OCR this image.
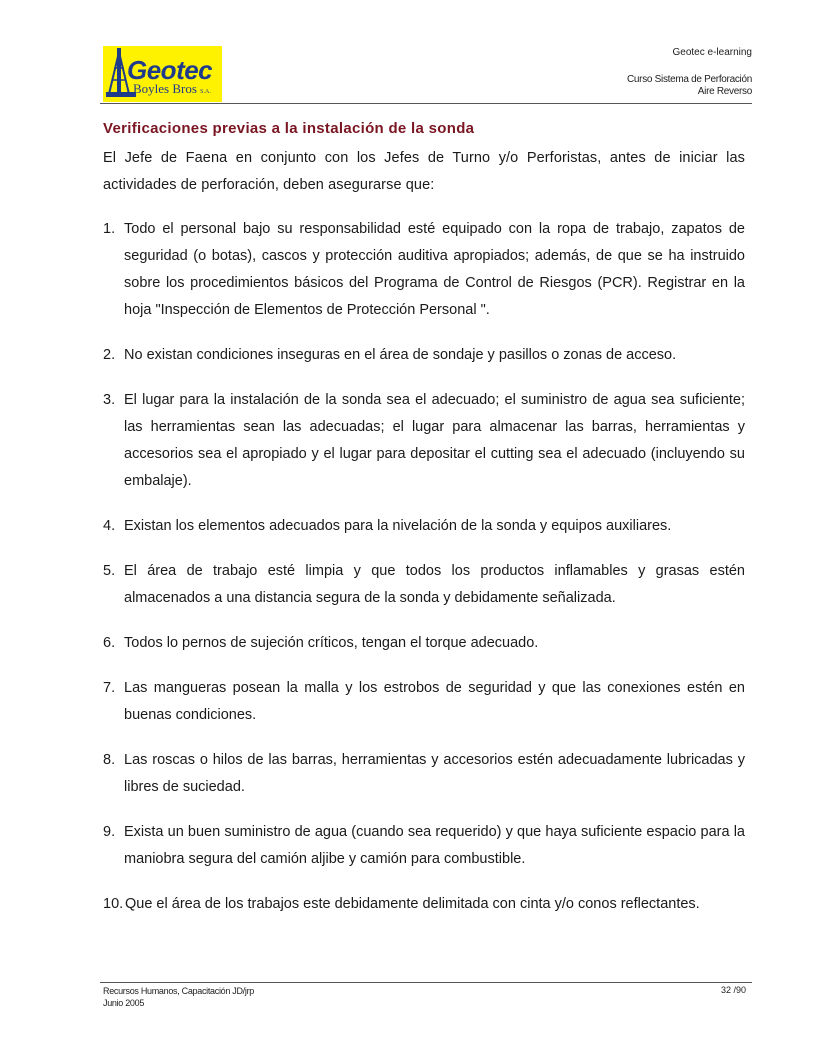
Geotec
Boyles Bros S.A.
Geotec e-learning
Curso Sistema de Perforación
Aire Reverso
Verificaciones previas a la instalación de la sonda
El Jefe de Faena en conjunto con los Jefes de Turno y/o Perforistas, antes de iniciar las actividades de perforación, deben asegurarse que:
1. Todo el personal bajo su responsabilidad esté equipado con la ropa de trabajo, zapatos de seguridad (o botas), cascos y protección auditiva apropiados; además, de que se ha instruido sobre los procedimientos básicos del Programa de Control de Riesgos (PCR). Registrar en la hoja "Inspección de Elementos de Protección Personal ".
2. No existan condiciones inseguras en el área de sondaje y pasillos o zonas de acceso.
3. El lugar para la instalación de la sonda sea el adecuado; el suministro de agua sea suficiente; las herramientas sean las adecuadas; el lugar para almacenar las barras, herramientas y accesorios sea el apropiado y el lugar para depositar el cutting sea el adecuado (incluyendo su embalaje).
4. Existan los elementos adecuados para la nivelación de la sonda y equipos auxiliares.
5. El área de trabajo esté limpia y que todos los productos inflamables y grasas estén almacenados a una distancia segura de la sonda y debidamente señalizada.
6. Todos lo pernos de sujeción críticos, tengan el torque adecuado.
7. Las mangueras posean la malla y los estrobos de seguridad y que las conexiones estén en buenas condiciones.
8. Las roscas o hilos de las barras, herramientas y accesorios estén adecuadamente lubricadas y libres de suciedad.
9. Exista un buen suministro de agua (cuando sea requerido) y que haya suficiente espacio para la maniobra segura del camión aljibe y camión para combustible.
10. Que el área de los trabajos este debidamente delimitada con cinta y/o conos reflectantes.
Recursos Humanos, Capacitación JD/jrp
Junio 2005
32 /90
